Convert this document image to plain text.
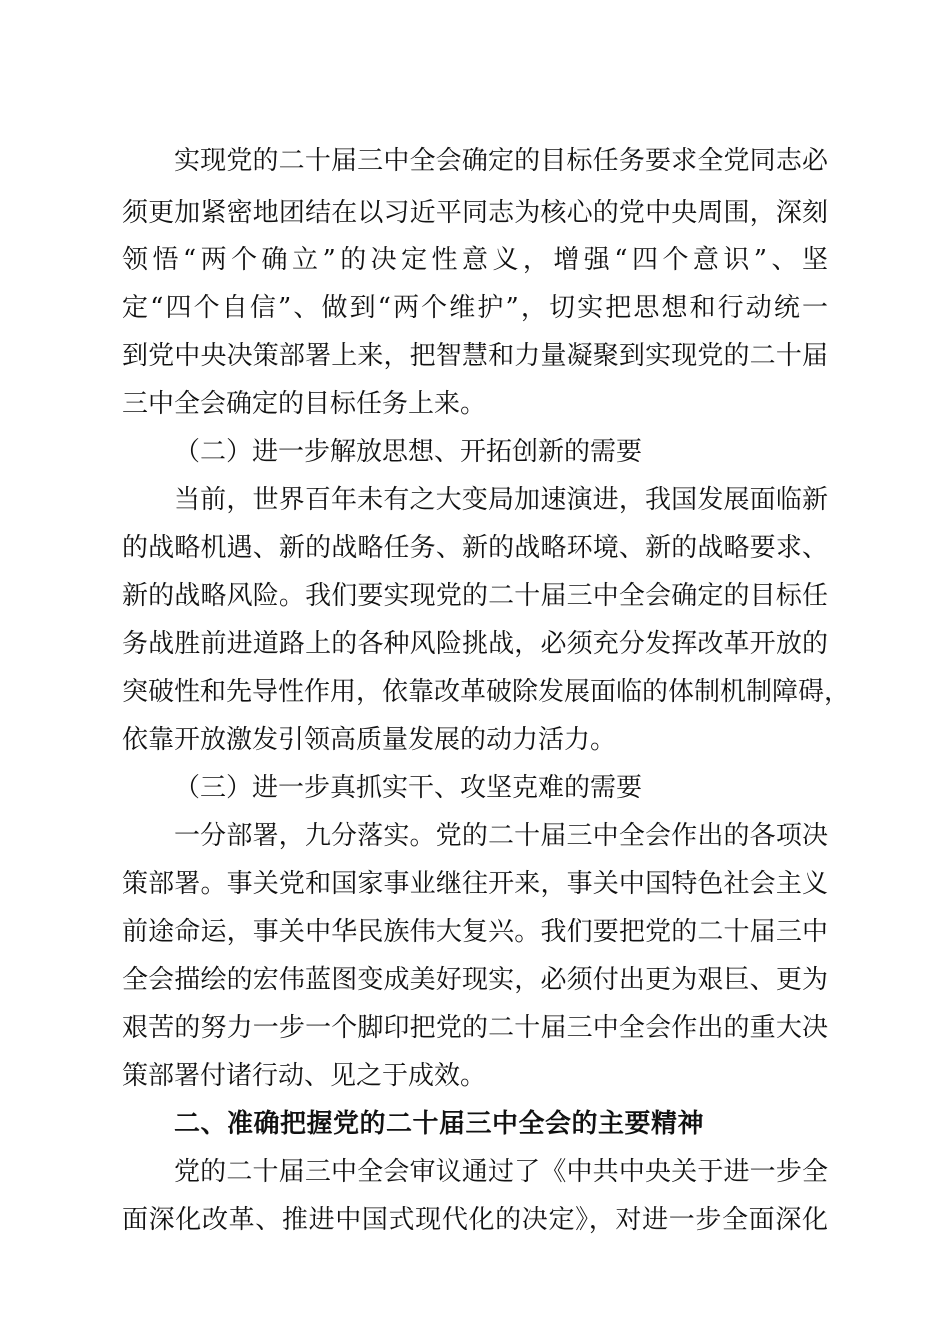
实现党的二十届三中全会确定的目标任务要求全党同志必
须更加紧密地团结在以习近平同志为核心的党中央周围，深刻
领悟“两个确立”的决定性意义，增强“四个意识”、坚
定“四个自信”、做到“两个维护”，切实把思想和行动统一
到党中央决策部署上来，把智慧和力量凝聚到实现党的二十届
三中全会确定的目标任务上来。
（二）进一步解放思想、开拓创新的需要
当前，世界百年未有之大变局加速演进，我国发展面临新
的战略机遇、新的战略任务、新的战略环境、新的战略要求、
新的战略风险。我们要实现党的二十届三中全会确定的目标任
务战胜前进道路上的各种风险挑战，必须充分发挥改革开放的
突破性和先导性作用，依靠改革破除发展面临的体制机制障碍，
依靠开放激发引领高质量发展的动力活力。
（三）进一步真抓实干、攻坚克难的需要
一分部署，九分落实。党的二十届三中全会作出的各项决
策部署。事关党和国家事业继往开来，事关中国特色社会主义
前途命运，事关中华民族伟大复兴。我们要把党的二十届三中
全会描绘的宏伟蓝图变成美好现实，必须付出更为艰巨、更为
艰苦的努力一步一个脚印把党的二十届三中全会作出的重大决
策部署付诸行动、见之于成效。
二、准确把握党的二十届三中全会的主要精神
党的二十届三中全会审议通过了《中共中央关于进一步全
面深化改革、推进中国式现代化的决定》，对进一步全面深化
